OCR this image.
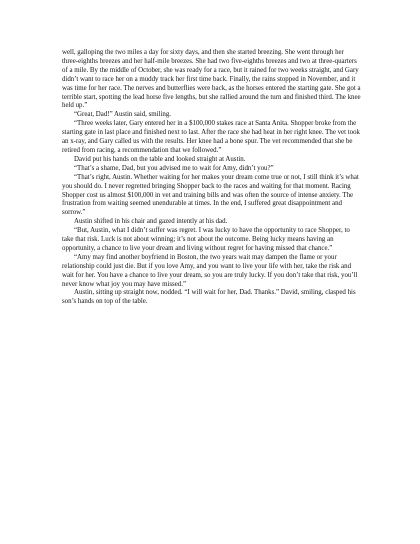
well, galloping the two miles a day for sixty days, and then she started breezing. She went through her three-eighths breezes and her half-mile breezes. She had two five-eighths breezes and two at three-quarters of a mile. By the middle of October, she was ready for a race, but it rained for two weeks straight, and Gary didn’t want to race her on a muddy track her first time back. Finally, the rains stopped in November, and it was time for her race. The nerves and butterflies were back, as the horses entered the starting gate. She got a terrible start, spotting the lead horse five lengths, but she rallied around the turn and finished third. The knee held up.”

“Great, Dad!” Austin said, smiling.

“Three weeks later, Gary entered her in a $100,000 stakes race at Santa Anita. Shopper broke from the starting gate in last place and finished next to last. After the race she had heat in her right knee. The vet took an x-ray, and Gary called us with the results. Her knee had a bone spur. The vet recommended that she be retired from racing, a recommendation that we followed.”

David put his hands on the table and looked straight at Austin.

“That’s a shame, Dad, but you advised me to wait for Amy, didn’t you?”

“That’s right, Austin. Whether waiting for her makes your dream come true or not, I still think it’s what you should do. I never regretted bringing Shopper back to the races and waiting for that moment. Racing Shopper cost us almost $100,000 in vet and training bills and was often the source of intense anxiety. The frustration from waiting seemed unendurable at times. In the end, I suffered great disappointment and sorrow.”

Austin shifted in his chair and gazed intently at his dad.

“But, Austin, what I didn’t suffer was regret. I was lucky to have the opportunity to race Shopper, to take that risk. Luck is not about winning; it’s not about the outcome. Being lucky means having an opportunity, a chance to live your dream and living without regret for having missed that chance.”

“Amy may find another boyfriend in Boston, the two years wait may dampen the flame or your relationship could just die. But if you love Amy, and you want to live your life with her, take the risk and wait for her. You have a chance to live your dream, so you are truly lucky. If you don’t take that risk, you’ll never know what joy you may have missed.”

Austin, sitting up straight now, nodded. “I will wait for her, Dad. Thanks.” David, smiling, clasped his son’s hands on top of the table.
